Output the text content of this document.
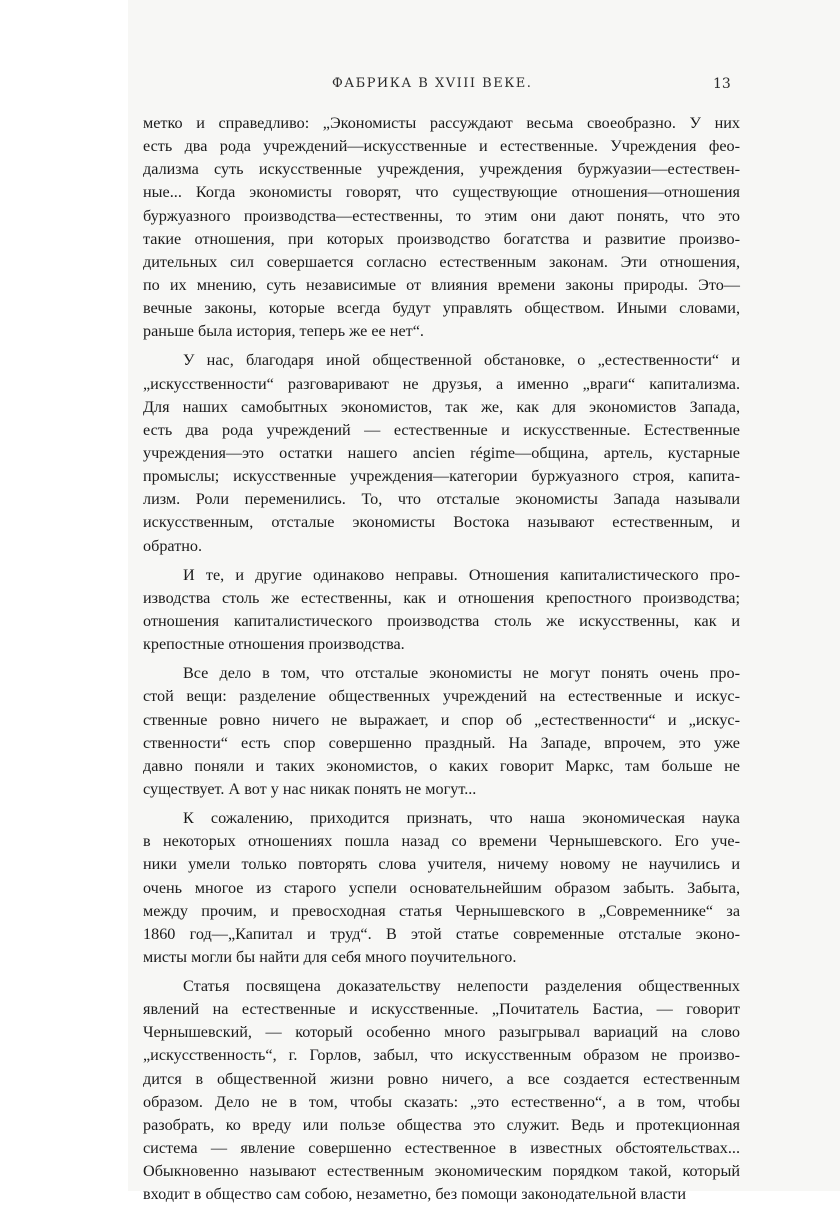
ФАБРИКА В XVIII ВЕКЕ.	13
метко и справедливо: „Экономисты рассуждают весьма своеобразно. У них
есть два рода учреждений—искусственные и естественные. Учреждения фео-
дализма суть искусственные учреждения, учреждения буржуазии—естествен-
ные... Когда экономисты говорят, что существующие отношения—отношения
буржуазного производства—естественны, то этим они дают понять, что это
такие отношения, при которых производство богатства и развитие произво-
дительных сил совершается согласно естественным законам. Эти отношения,
по их мнению, суть независимые от влияния времени законы природы. Это—
вечные законы, которые всегда будут управлять обществом. Иными словами,
раньше была история, теперь же ее нет“.
У нас, благодаря иной общественной обстановке, о „естественности“ и
„искусственности“ разговаривают не друзья, а именно „враги“ капитализма.
Для наших самобытных экономистов, так же, как для экономистов Запада,
есть два рода учреждений — естественные и искусственные. Естественные
учреждения—это остатки нашего ancien régime—община, артель, кустарные
промыслы; искусственные учреждения—категории буржуазного строя, капита-
лизм. Роли переменились. То, что отсталые экономисты Запада называли
искусственным, отсталые экономисты Востока называют естественным, и
обратно.
И те, и другие одинаково неправы. Отношения капиталистического про-
изводства столь же естественны, как и отношения крепостного производства;
отношения капиталистического производства столь же искусственны, как и
крепостные отношения производства.
Все дело в том, что отсталые экономисты не могут понять очень про-
стой вещи: разделение общественных учреждений на естественные и искус-
ственные ровно ничего не выражает, и спор об „естественности“ и „искус-
ственности“ есть спор совершенно праздный. На Западе, впрочем, это уже
давно поняли и таких экономистов, о каких говорит Маркс, там больше не
существует. А вот у нас никак понять не могут...
К сожалению, приходится признать, что наша экономическая наука
в некоторых отношениях пошла назад со времени Чернышевского. Его уче-
ники умели только повторять слова учителя, ничему новому не научились и
очень многое из старого успели основательнейшим образом забыть. Забыта,
между прочим, и превосходная статья Чернышевского в „Современнике“ за
1860 год—„Капитал и труд“. В этой статье современные отсталые эконо-
мисты могли бы найти для себя много поучительного.
Статья посвящена доказательству нелепости разделения общественных
явлений на естественные и искусственные. „Почитатель Бастиа, — говорит
Чернышевский, — который особенно много разыгрывал вариаций на слово
„искусственность“, г. Горлов, забыл, что искусственным образом не произво-
дится в общественной жизни ровно ничего, а все создается естественным
образом. Дело не в том, чтобы сказать: „это естественно“, а в том, чтобы
разобрать, ко вреду или пользе общества это служит. Ведь и протекционная
система — явление совершенно естественное в известных обстоятельствах...
Обыкновенно называют естественным экономическим порядком такой, который
входит в общество сам собою, незаметно, без помощи законодательной власти
